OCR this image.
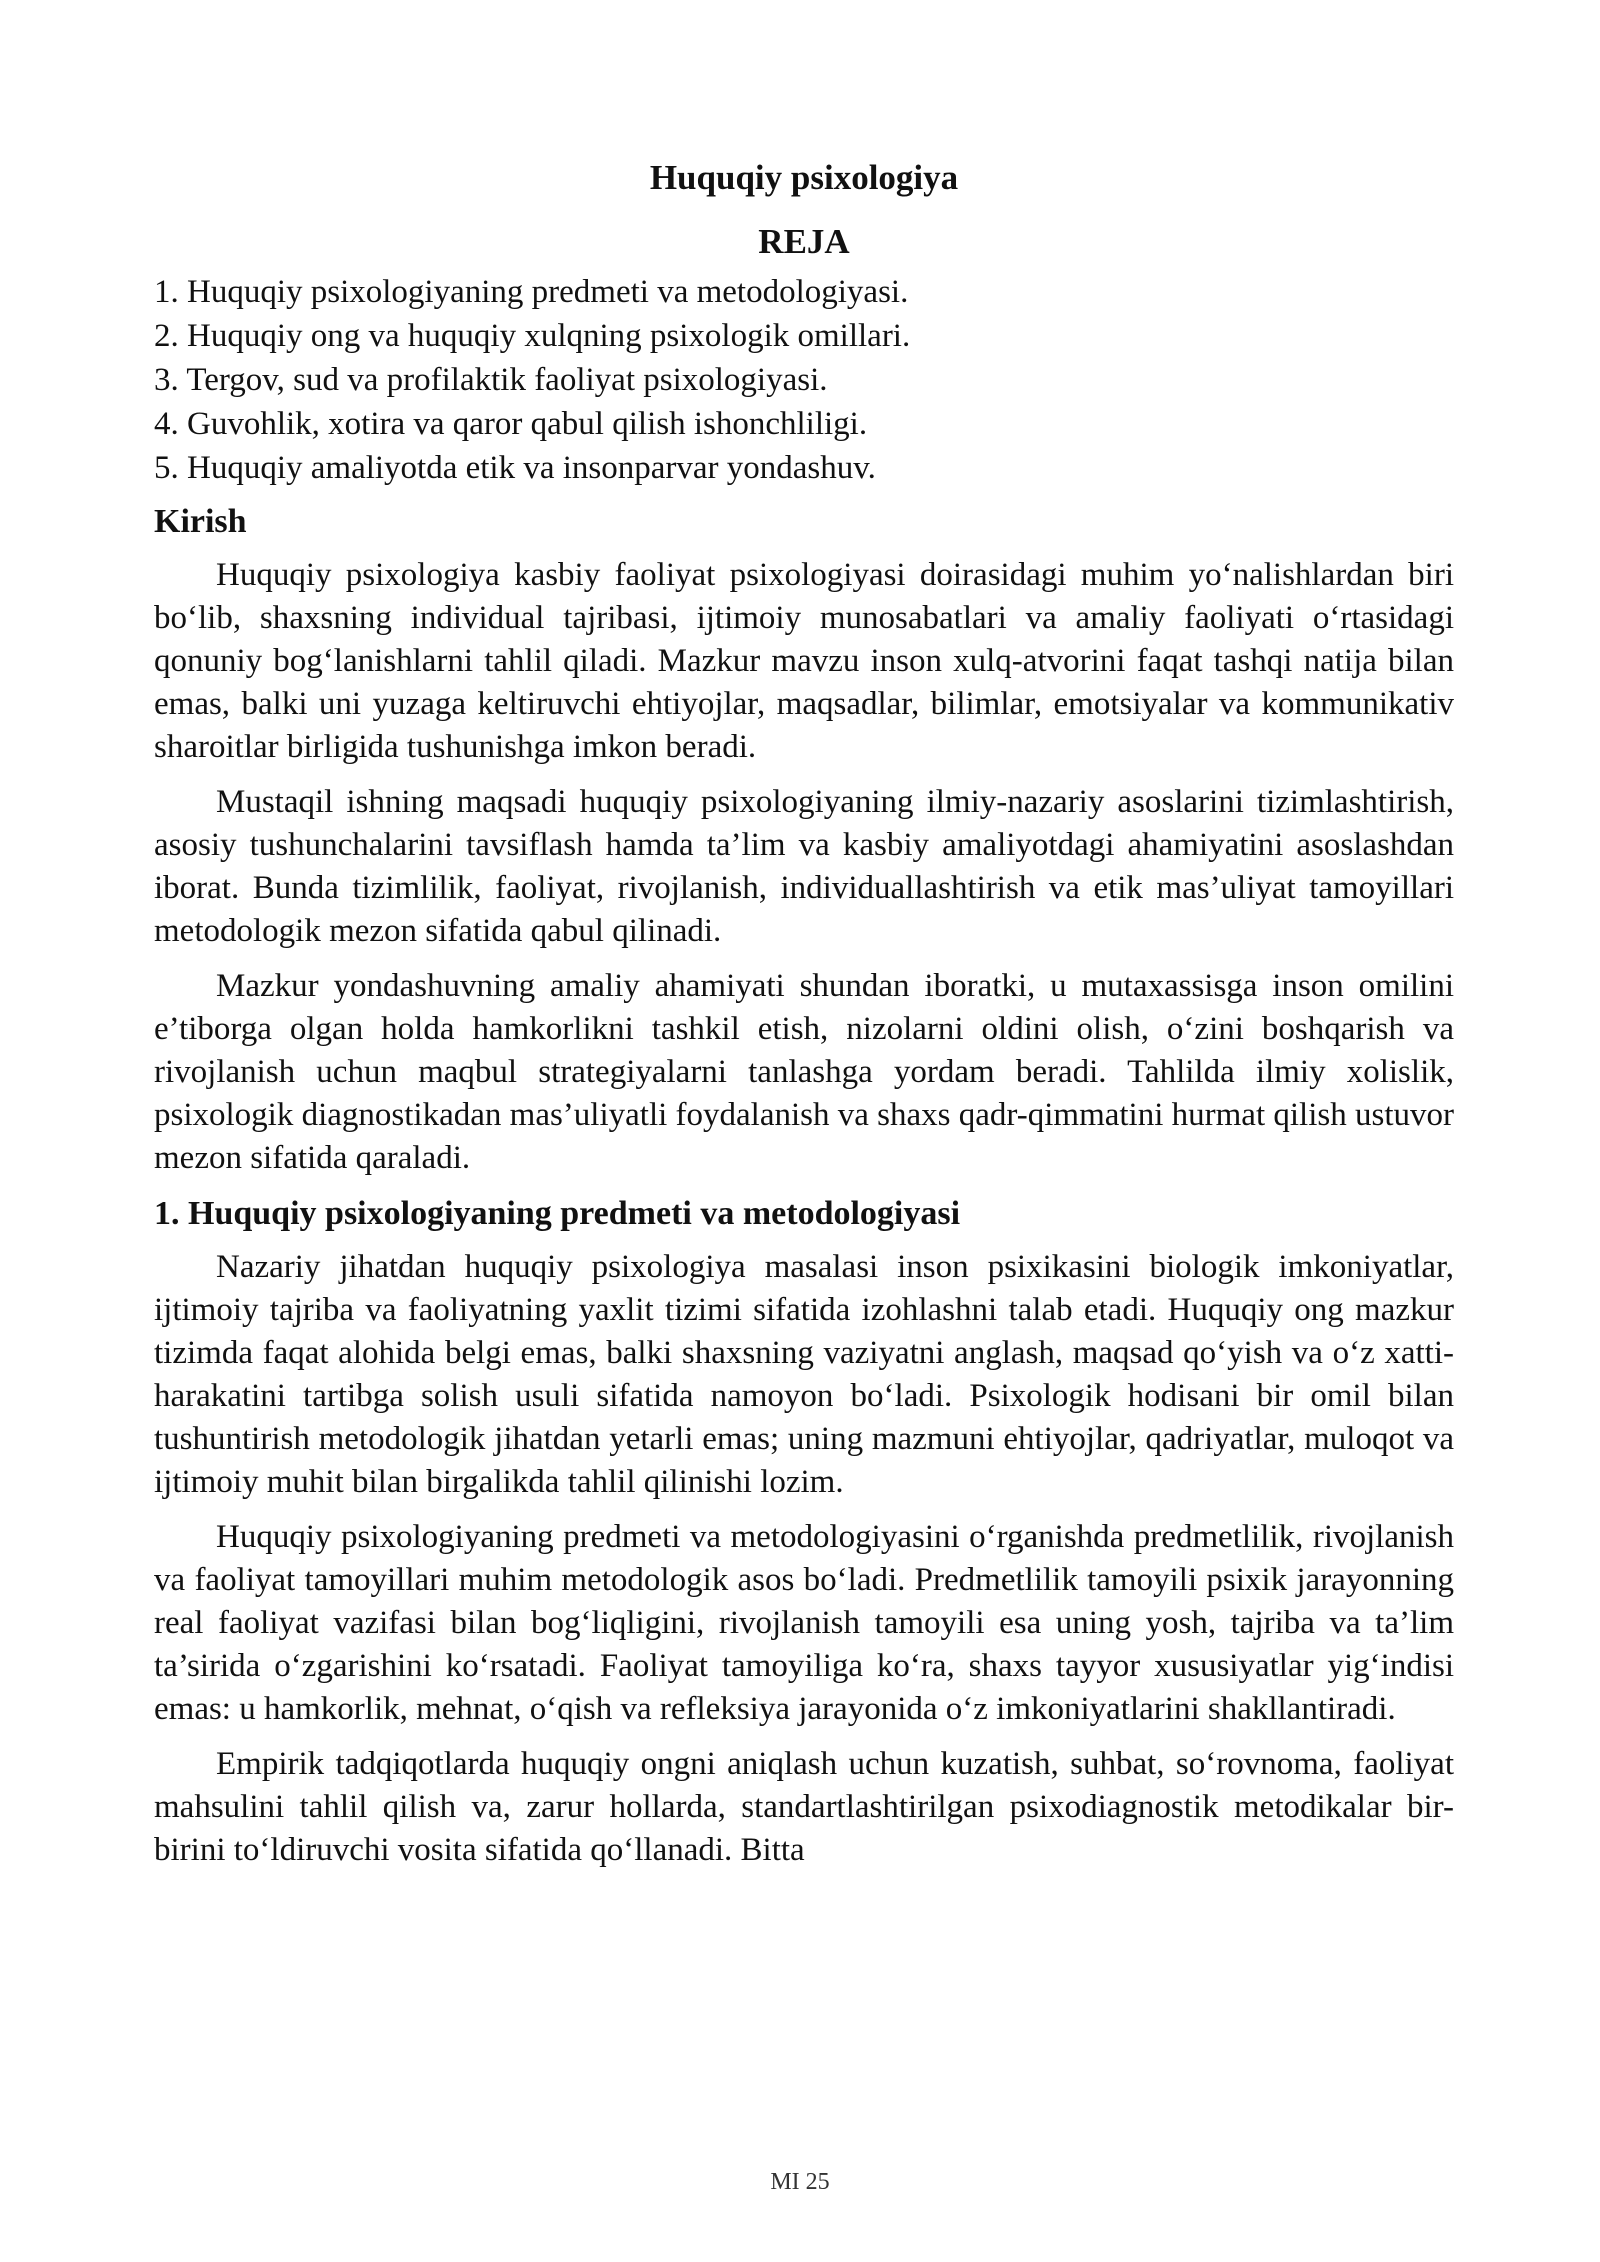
Huquqiy psixologiya
REJA
1. Huquqiy psixologiyaning predmeti va metodologiyasi.
2. Huquqiy ong va huquqiy xulqning psixologik omillari.
3. Tergov, sud va profilaktik faoliyat psixologiyasi.
4. Guvohlik, xotira va qaror qabul qilish ishonchliligi.
5. Huquqiy amaliyotda etik va insonparvar yondashuv.
Kirish

Huquqiy psixologiya kasbiy faoliyat psixologiyasi doirasidagi muhim yo‘nalishlardan biri bo‘lib, shaxsning individual tajribasi, ijtimoiy munosabatlari va amaliy faoliyati o‘rtasidagi qonuniy bog‘lanishlarni tahlil qiladi. Mazkur mavzu inson xulq-atvorini faqat tashqi natija bilan emas, balki uni yuzaga keltiruvchi ehtiyojlar, maqsadlar, bilimlar, emotsiyalar va kommunikativ sharoitlar birligida tushunishga imkon beradi.

Mustaqil ishning maqsadi huquqiy psixologiyaning ilmiy-nazariy asoslarini tizimlashtirish, asosiy tushunchalarini tavsiflash hamda ta’lim va kasbiy amaliyotdagi ahamiyatini asoslashdan iborat. Bunda tizimlilik, faoliyat, rivojlanish, individuallashtirish va etik mas’uliyat tamoyillari metodologik mezon sifatida qabul qilinadi.

Mazkur yondashuvning amaliy ahamiyati shundan iboratki, u mutaxassisga inson omilini e’tiborga olgan holda hamkorlikni tashkil etish, nizolarni oldini olish, o‘zini boshqarish va rivojlanish uchun maqbul strategiyalarni tanlashga yordam beradi. Tahlilda ilmiy xolislik, psixologik diagnostikadan mas’uliyatli foydalanish va shaxs qadr-qimmatini hurmat qilish ustuvor mezon sifatida qaraladi.

1. Huquqiy psixologiyaning predmeti va metodologiyasi

Nazariy jihatdan huquqiy psixologiya masalasi inson psixikasini biologik imkoniyatlar, ijtimoiy tajriba va faoliyatning yaxlit tizimi sifatida izohlashni talab etadi. Huquqiy ong mazkur tizimda faqat alohida belgi emas, balki shaxsning vaziyatni anglash, maqsad qo‘yish va o‘z xatti-harakatini tartibga solish usuli sifatida namoyon bo‘ladi. Psixologik hodisani bir omil bilan tushuntirish metodologik jihatdan yetarli emas; uning mazmuni ehtiyojlar, qadriyatlar, muloqot va ijtimoiy muhit bilan birgalikda tahlil qilinishi lozim.

Huquqiy psixologiyaning predmeti va metodologiyasini o‘rganishda predmetlilik, rivojlanish va faoliyat tamoyillari muhim metodologik asos bo‘ladi. Predmetlilik tamoyili psixik jarayonning real faoliyat vazifasi bilan bog‘liqligini, rivojlanish tamoyili esa uning yosh, tajriba va ta’lim ta’sirida o‘zgarishini ko‘rsatadi. Faoliyat tamoyiliga ko‘ra, shaxs tayyor xususiyatlar yig‘indisi emas: u hamkorlik, mehnat, o‘qish va refleksiya jarayonida o‘z imkoniyatlarini shakllantiradi.

Empirik tadqiqotlarda huquqiy ongni aniqlash uchun kuzatish, suhbat, so‘rovnoma, faoliyat mahsulini tahlil qilish va, zarur hollarda, standartlashtirilgan psixodiagnostik metodikalar bir-birini to‘ldiruvchi vosita sifatida qo‘llanadi. Bitta

MI 25
